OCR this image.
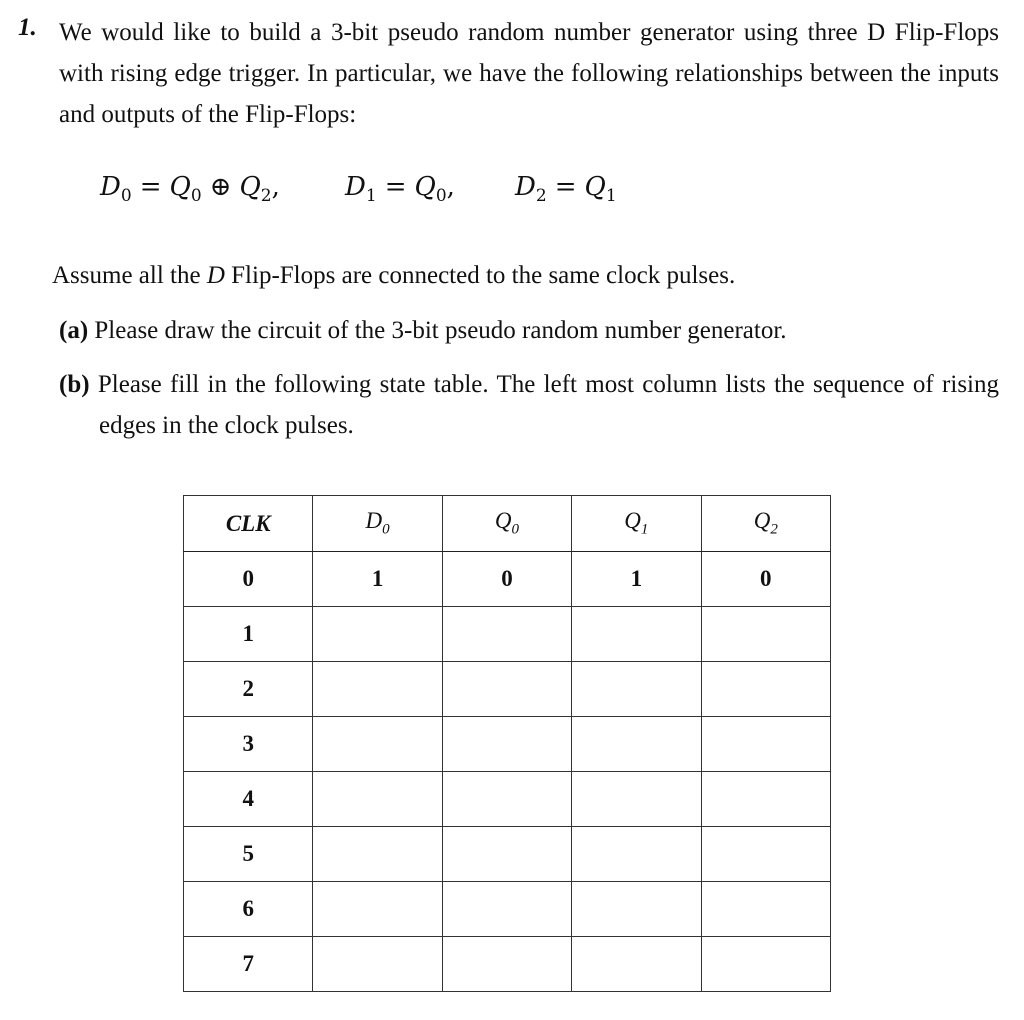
1. We would like to build a 3-bit pseudo random number generator using three D Flip-Flops with rising edge trigger. In particular, we have the following relationships between the inputs and outputs of the Flip-Flops:
$D_0 = Q_0$ ⊕ $Q_2$,	$D_1 = Q_0$, $D_2 = Q_1$
Assume all the D Flip-Flops are connected to the same clock pulses.
(a) Please draw the circuit of the 3-bit pseudo random number generator.
(b) Please fill in the following state table. The left most column lists the sequence of rising edges in the clock pulses.
CLK	$D_0$	$Q_0$	$Q_1$	$Q_2$
0	1	0	1	0
1				
2				
3				
4				
5				
6				
7				
